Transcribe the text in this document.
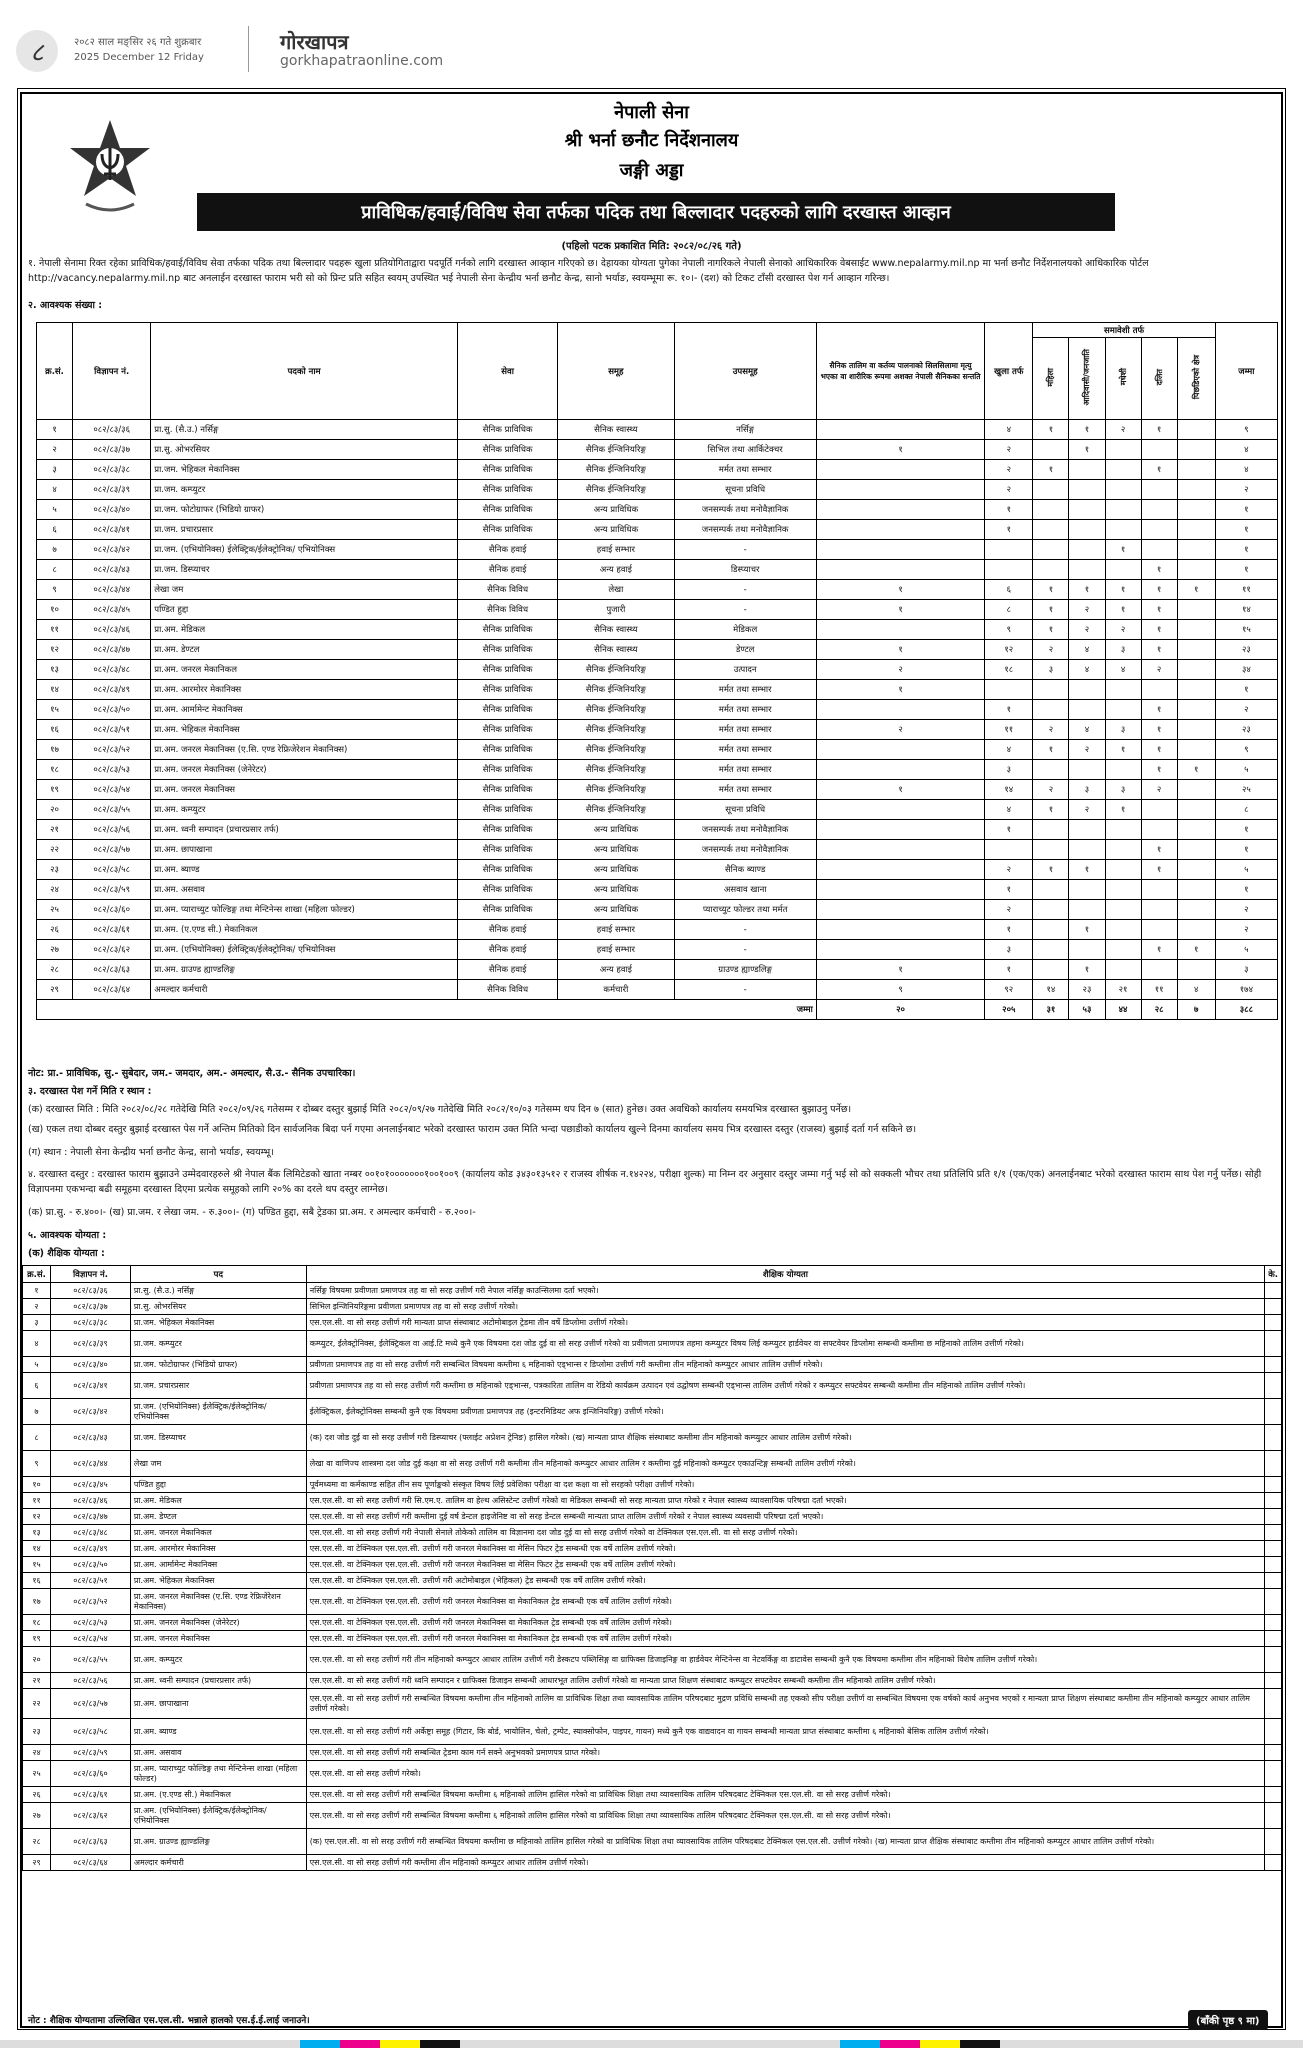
८	२०८२ साल मङ्सिर २६ गते शुक्रबार
2025 December 12 Friday
गोरखापत्र
gorkhapatraonline.com
नेपाली सेना
श्री भर्ना छनौट निर्देशनालय
जङ्गी अड्डा
प्राविधिक/हवाई/विविध सेवा तर्फका पदिक तथा बिल्लादार पदहरुको लागि दरखास्त आव्हान
(पहिलो पटक प्रकाशित मिति: २०८२/०८/२६ गते)
१. नेपाली सेनामा रिक्त रहेका प्राविधिक/हवाई/विविध सेवा तर्फका पदिक तथा बिल्लादार पदहरू खुला प्रतियोगिताद्वारा पदपूर्ति गर्नको लागि दरखास्त आव्हान गरिएको छ। देहायका योग्यता पुगेका नेपाली नागरिकले नेपाली सेनाको आधिकारिक वेबसाईट www.nepalarmy.mil.np मा भर्ना छनौट निर्देशनालयको आधिकारिक पोर्टल http://vacancy.nepalarmy.mil.np बाट अनलाईन दरखास्त फाराम भरी सो को प्रिन्ट प्रति सहित स्वयम् उपस्थित भई नेपाली सेना केन्द्रीय भर्ना छनौट केन्द्र, सानो भर्याङ, स्वयम्भूमा रू. १०।- (दश) को टिकट टाँसी दरखास्त पेश गर्न आव्हान गरिन्छ।
२. आवश्यक संख्या :
क्र.सं.	विज्ञापन नं.	पदको नाम	सेवा	समूह	उपसमूह	सैनिक तालिम वा कर्तव्य पालनाको सिलसिलामा मृत्यु भएका वा शारीरिक रूपमा अशक्त नेपाली सैनिकका सन्तति	खुला तर्फ	समावेशी तर्फ					जम्मा
								महिला	आदिवासी/जनजाति	मधेशी	दलित	पिछडिएको क्षेत्र	
१	०८२/८३/३६	प्रा.सु. (सै.उ.) नर्सिङ्ग	सैनिक प्राविधिक	सैनिक स्वास्थ्य	नर्सिङ्ग		४	१	१	२	१		९
२	०८२/८३/३७	प्रा.सु. ओभरसियर	सैनिक प्राविधिक	सैनिक ईन्जिनियरिङ्ग	सिभिल तथा आर्किटेक्चर	१	२		१				४
३	०८२/८३/३८	प्रा.जम. भेहिकल मेकानिक्स	सैनिक प्राविधिक	सैनिक ईन्जिनियरिङ्ग	मर्मत तथा सम्भार		२	१			१		४
४	०८२/८३/३९	प्रा.जम. कम्प्युटर	सैनिक प्राविधिक	सैनिक ईन्जिनियरिङ्ग	सूचना प्रविधि		२						२
५	०८२/८३/४०	प्रा.जम. फोटोग्राफर (भिडियो ग्राफर)	सैनिक प्राविधिक	अन्य प्राविधिक	जनसम्पर्क तथा मनोवैज्ञानिक		१						१
६	०८२/८३/४१	प्रा.जम. प्रचारप्रसार	सैनिक प्राविधिक	अन्य प्राविधिक	जनसम्पर्क तथा मनोवैज्ञानिक		१						१
७	०८२/८३/४२	प्रा.जम. (एभियोनिक्स) ईलेक्ट्रिक/ईलेक्ट्रोनिक/ एभियोनिक्स	सैनिक हवाई	हवाई सम्भार	-					१			१
८	०८२/८३/४३	प्रा.जम. डिस्प्याचर	सैनिक हवाई	अन्य हवाई	डिस्प्याचर						१		१
९	०८२/८३/४४	लेखा जम	सैनिक विविध	लेखा	-	१	६	१	१	१	१	१	११
१०	०८२/८३/४५	पण्डित हुद्दा	सैनिक विविध	पुजारी	-	१	८	१	२	१	१		१४
११	०८२/८३/४६	प्रा.अम. मेडिकल	सैनिक प्राविधिक	सैनिक स्वास्थ्य	मेडिकल		९	१	२	२	१		१५
१२	०८२/८३/४७	प्रा.अम. डेण्टल	सैनिक प्राविधिक	सैनिक स्वास्थ्य	डेण्टल	१	१२	२	४	३	१		२३
१३	०८२/८३/४८	प्रा.अम. जनरल मेकानिकल	सैनिक प्राविधिक	सैनिक ईन्जिनियरिङ्ग	उत्पादन	२	१८	३	४	४	२		३४
१४	०८२/८३/४९	प्रा.अम. आरमोरर मेकानिक्स	सैनिक प्राविधिक	सैनिक ईन्जिनियरिङ्ग	मर्मत तथा सम्भार	१							१
१५	०८२/८३/५०	प्रा.अम. आर्मामेन्ट मेकानिक्स	सैनिक प्राविधिक	सैनिक ईन्जिनियरिङ्ग	मर्मत तथा सम्भार		१				१		२
१६	०८२/८३/५१	प्रा.अम. भेहिकल मेकानिक्स	सैनिक प्राविधिक	सैनिक ईन्जिनियरिङ्ग	मर्मत तथा सम्भार	२	११	२	४	३	१		२३
१७	०८२/८३/५२	प्रा.अम. जनरल मेकानिक्स (ए.सि. एण्ड रेफ्रिजेरेशन मेकानिक्स)	सैनिक प्राविधिक	सैनिक ईन्जिनियरिङ्ग	मर्मत तथा सम्भार		४	१	२	१	१		९
१८	०८२/८३/५३	प्रा.अम. जनरल मेकानिक्स (जेनेरेटर)	सैनिक प्राविधिक	सैनिक ईन्जिनियरिङ्ग	मर्मत तथा सम्भार		३				१	१	५
१९	०८२/८३/५४	प्रा.अम. जनरल मेकानिक्स	सैनिक प्राविधिक	सैनिक ईन्जिनियरिङ्ग	मर्मत तथा सम्भार	१	१४	२	३	३	२		२५
२०	०८२/८३/५५	प्रा.अम. कम्प्युटर	सैनिक प्राविधिक	सैनिक ईन्जिनियरिङ्ग	सूचना प्रविधि		४	१	२	१			८
२१	०८२/८३/५६	प्रा.अम. ध्वनी सम्पादन (प्रचारप्रसार तर्फ)	सैनिक प्राविधिक	अन्य प्राविधिक	जनसम्पर्क तथा मनोवैज्ञानिक		१						१
२२	०८२/८३/५७	प्रा.अम. छापाखाना	सैनिक प्राविधिक	अन्य प्राविधिक	जनसम्पर्क तथा मनोवैज्ञानिक						१		१
२३	०८२/८३/५८	प्रा.अम. ब्याण्ड	सैनिक प्राविधिक	अन्य प्राविधिक	सैनिक ब्याण्ड		२	१	१		१		५
२४	०८२/८३/५९	प्रा.अम. असवाव	सैनिक प्राविधिक	अन्य प्राविधिक	असवाव खाना		१						१
२५	०८२/८३/६०	प्रा.अम. प्याराच्युट फोल्डिङ्ग तथा मेन्टिनेन्स शाखा (महिला फोल्डर)	सैनिक प्राविधिक	अन्य प्राविधिक	प्याराच्युट फोल्डर तथा मर्मत		२						२
२६	०८२/८३/६१	प्रा.अम. (ए.एण्ड सी.) मेकानिकल	सैनिक हवाई	हवाई सम्भार	-		१		१				२
२७	०८२/८३/६२	प्रा.अम. (एभियोनिक्स) ईलेक्ट्रिक/ईलेक्ट्रोनिक/ एभियोनिक्स	सैनिक हवाई	हवाई सम्भार	-		३				१	१	५
२८	०८२/८३/६३	प्रा.अम. ग्राउण्ड ह्याण्डलिङ्ग	सैनिक हवाई	अन्य हवाई	ग्राउण्ड ह्याण्डलिङ्ग	१	१		१				३
२९	०८२/८३/६४	अमल्दार कर्मचारी	सैनिक विविध	कर्मचारी	-	९	९२	१४	२३	२१	११	४	१७४
जम्मा						२०	२०५	३१	५३	४४	२८	७	३८८
नोट: प्रा.- प्राविधिक, सु.- सुबेदार, जम.- जमदार, अम.- अमल्दार, सै.उ.- सैनिक उपचारिका।
३. दरखास्त पेश गर्ने मिति र स्थान :
(क) दरखास्त मिति : मिति २०८२/०८/२८ गतेदेखि मिति २०८२/०९/२६ गतेसम्म र दोब्बर दस्तुर बुझाई मिति २०८२/०९/२७ गतेदेखि मिति २०८२/१०/०३ गतेसम्म थप दिन ७ (सात) हुनेछ। उक्त अवधिको कार्यालय समयभित्र दरखास्त बुझाउनु पर्नेछ।
(ख) एकल तथा दोब्बर दस्तुर बुझाई दरखास्त पेस गर्ने अन्तिम मितिको दिन सार्वजनिक बिदा पर्न गएमा अनलाईनबाट भरेको दरखास्त फाराम उक्त मिति भन्दा पछाडीको कार्यालय खुल्ने दिनमा कार्यालय समय भित्र दरखास्त दस्तुर (राजस्व) बुझाई दर्ता गर्न सकिने छ।
(ग) स्थान : नेपाली सेना केन्द्रीय भर्ना छनौट केन्द्र, सानो भर्याङ, स्वयम्भू।
४. दरखास्त दस्तुर : दरखास्त फाराम बुझाउने उम्मेदवारहरुले श्री नेपाल बैंक लिमिटेडको खाता नम्बर ००१०१०००००००१००१००९ (कार्यालय कोड ३४३०१३५१२ र राजस्व शीर्षक न.१४२२४, परीक्षा शुल्क) मा निम्न दर अनुसार दस्तुर जम्मा गर्नु भई सो को सक्कली भौचर तथा प्रतिलिपि प्रति १/१ (एक/एक) अनलाईनबाट भरेको दरखास्त फाराम साथ पेश गर्नु पर्नेछ। सोही विज्ञापनमा एकभन्दा बढी समूहमा दरखास्त दिएमा प्रत्येक समूहको लागि २०% का दरले थप दस्तुर लाग्नेछ।
(क) प्रा.सु. - रु.४००।- (ख) प्रा.जम. र लेखा जम. - रु.३००।- (ग) पण्डित हुद्दा, सबै ट्रेडका प्रा.अम. र अमल्दार कर्मचारी - रु.२००।-
५. आवश्यक योग्यता :
(क) शैक्षिक योग्यता :
क्र.सं.	विज्ञापन नं.	पद	शैक्षिक योग्यता	के.
१	०८२/८३/३६	प्रा.सु. (सै.उ.) नर्सिङ्ग	नर्सिङ्ग विषयमा प्रवीणता प्रमाणपत्र तह वा सो सरह उत्तीर्ण गरी नेपाल नर्सिङ्ग काउन्सिलमा दर्ता भएको।	
२	०८२/८३/३७	प्रा.सु. ओभरसियर	सिभिल इन्जिनियरिङ्गमा प्रवीणता प्रमाणपत्र तह वा सो सरह उत्तीर्ण गरेको।	
३	०८२/८३/३८	प्रा.जम. भेहिकल मेकानिक्स	एस.एल.सी. वा सो सरह उत्तीर्ण गरी मान्यता प्राप्त संस्थाबाट अटोमोबाइल ट्रेडमा तीन वर्षे डिप्लोमा उत्तीर्ण गरेको।	
४	०८२/८३/३९	प्रा.जम. कम्प्युटर	कम्प्युटर, ईलेक्ट्रोनिक्स, ईलेक्ट्रिकल वा आई.टि मध्ये कुनै एक विषयमा दश जोड दुई वा सो सरह उत्तीर्ण गरेको वा प्रवीणता प्रमाणपत्र तहमा कम्प्युटर विषय लिई कम्प्युटर हार्डवेयर वा सफ्टवेयर डिप्लोमा सम्बन्धी कम्तीमा छ महिनाको तालिम उत्तीर्ण गरेको।	
५	०८२/८३/४०	प्रा.जम. फोटोग्राफर (भिडियो ग्राफर)	प्रवीणता प्रमाणपत्र तह वा सो सरह उत्तीर्ण गरी सम्बन्धित विषयमा कम्तीमा ६ महिनाको एड्भान्स र डिप्लोमा उत्तीर्ण गरी कम्तीमा तीन महिनाको कम्प्युटर आधार तालिम उत्तीर्ण गरेको।	
६	०८२/८३/४१	प्रा.जम. प्रचारप्रसार	प्रवीणता प्रमाणपत्र तह वा सो सरह उत्तीर्ण गरी कम्तीमा छ महिनाको एड्भान्स, पत्रकारिता तालिम वा रेडियो कार्यक्रम उत्पादन एवं उद्घोषण सम्बन्धी एड्भान्स तालिम उत्तीर्ण गरेको र कम्प्युटर सफ्टवेयर सम्बन्धी कम्तीमा तीन महिनाको तालिम उत्तीर्ण गरेको।	
७	०८२/८३/४२	प्रा.जम. (एभियोनिक्स) ईलेक्ट्रिक/ईलेक्ट्रोनिक/ एभियोनिक्स	ईलेक्ट्रिकल, ईलेक्ट्रोनिक्स सम्बन्धी कुनै एक विषयमा प्रवीणता प्रमाणपत्र तह (इन्टरमिडियट अफ इन्जिनियरिङ्ग) उत्तीर्ण गरेको।	
८	०८२/८३/४३	प्रा.जम. डिस्प्याचर	(क) दश जोड दुई वा सो सरह उत्तीर्ण गरी डिस्प्याचर (फ्लाईट अप्रेशन ट्रेनिङ) हासिल गरेको। (ख) मान्यता प्राप्त शैक्षिक संस्थाबाट कम्तीमा तीन महिनाको कम्प्युटर आधार तालिम उत्तीर्ण गरेको।	
९	०८२/८३/४४	लेखा जम	लेखा वा वाणिज्य शास्त्रमा दश जोड दुई कक्षा वा सो सरह उत्तीर्ण गरी कम्तीमा तीन महिनाको कम्प्युटर आधार तालिम र कम्तीमा दुई महिनाको कम्प्युटर एकाउन्टिङ्ग सम्बन्धी तालिम उत्तीर्ण गरेको।	
१०	०८२/८३/४५	पण्डित हुद्दा	पूर्वमध्यमा वा कर्मकाण्ड सहित तीन सय पूर्णाङ्कको संस्कृत विषय लिई प्रवेशिका परीक्षा वा दश कक्षा वा सो सरहको परीक्षा उत्तीर्ण गरेको।	
११	०८२/८३/४६	प्रा.अम. मेडिकल	एस.एल.सी. वा सो सरह उत्तीर्ण गरी सि.एम.ए. तालिम वा हेल्थ असिस्टेन्ट उत्तीर्ण गरेको वा मेडिकल सम्बन्धी सो सरह मान्यता प्राप्त गरेको र नेपाल स्वास्थ्य व्यावसायिक परिषद्मा दर्ता भएको।	
१२	०८२/८३/४७	प्रा.अम. डेण्टल	एस.एल.सी. वा सो सरह उत्तीर्ण गरी कम्तीमा दुई वर्ष डेन्टल हाइजेनिष्ट वा सो सरह डेन्टल सम्बन्धी मान्यता प्राप्त तालिम उत्तीर्ण गरेको र नेपाल स्वास्थ्य व्यवसायी परिषद्मा दर्ता भएको।	
१३	०८२/८३/४८	प्रा.अम. जनरल मेकानिकल	एस.एल.सी. वा सो सरह उत्तीर्ण गरी नेपाली सेनाले तोकेको तालिम वा विज्ञानमा दश जोड दुई वा सो सरह उत्तीर्ण गरेको वा टेक्निकल एस.एल.सी. वा सो सरह उत्तीर्ण गरेको।	
१४	०८२/८३/४९	प्रा.अम. आरमोरर मेकानिक्स	एस.एल.सी. वा टेक्निकल एस.एल.सी. उत्तीर्ण गरी जनरल मेकानिक्स वा मेसिन फिटर ट्रेड सम्बन्धी एक वर्षे तालिम उत्तीर्ण गरेको।	
१५	०८२/८३/५०	प्रा.अम. आर्मामेन्ट मेकानिक्स	एस.एल.सी. वा टेक्निकल एस.एल.सी. उत्तीर्ण गरी जनरल मेकानिक्स वा मेसिन फिटर ट्रेड सम्बन्धी एक वर्षे तालिम उत्तीर्ण गरेको।	
१६	०८२/८३/५१	प्रा.अम. भेहिकल मेकानिक्स	एस.एल.सी. वा टेक्निकल एस.एल.सी. उत्तीर्ण गरी अटोमोबाइल (भेहिकल) ट्रेड सम्बन्धी एक वर्षे तालिम उत्तीर्ण गरेको।	
१७	०८२/८३/५२	प्रा.अम. जनरल मेकानिक्स (ए.सि. एण्ड रेफ्रिजेरेशन मेकानिक्स)	एस.एल.सी. वा टेक्निकल एस.एल.सी. उत्तीर्ण गरी जनरल मेकानिक्स वा मेकानिकल ट्रेड सम्बन्धी एक वर्षे तालिम उत्तीर्ण गरेको।	
१८	०८२/८३/५३	प्रा.अम. जनरल मेकानिक्स (जेनेरेटर)	एस.एल.सी. वा टेक्निकल एस.एल.सी. उत्तीर्ण गरी जनरल मेकानिक्स वा मेकानिकल ट्रेड सम्बन्धी एक वर्षे तालिम उत्तीर्ण गरेको।	
१९	०८२/८३/५४	प्रा.अम. जनरल मेकानिक्स	एस.एल.सी. वा टेक्निकल एस.एल.सी. उत्तीर्ण गरी जनरल मेकानिक्स वा मेकानिकल ट्रेड सम्बन्धी एक वर्षे तालिम उत्तीर्ण गरेको।	
२०	०८२/८३/५५	प्रा.अम. कम्प्युटर	एस.एल.सी. वा सो सरह उत्तीर्ण गरी तीन महिनाको कम्प्युटर आधार तालिम उत्तीर्ण गरी डेस्कटप पब्लिसिङ्ग वा ग्राफिक्स डिजाइनिङ्ग वा हार्डवेयर मेन्टिनेन्स वा नेटवर्किङ्ग वा डाटावेस सम्बन्धी कुनै एक विषयमा कम्तीमा तीन महिनाको विशेष तालिम उत्तीर्ण गरेको।	
२१	०८२/८३/५६	प्रा.अम. ध्वनी सम्पादन (प्रचारप्रसार तर्फ)	एस.एल.सी. वा सो सरह उत्तीर्ण गरी ध्वनि सम्पादन र ग्राफिक्स डिजाइन सम्बन्धी आधारभूत तालिम उत्तीर्ण गरेको वा मान्यता प्राप्त शिक्षण संस्थाबाट कम्प्युटर सफ्टवेयर सम्बन्धी कम्तीमा तीन महिनाको तालिम उत्तीर्ण गरेको।	
२२	०८२/८३/५७	प्रा.अम. छापाखाना	एस.एल.सी. वा सो सरह उत्तीर्ण गरी सम्बन्धित विषयमा कम्तीमा तीन महिनाको तालिम वा प्राविधिक शिक्षा तथा व्यावसायिक तालिम परिषदबाट मुद्रण प्रविधि सम्बन्धी तह एकको सीप परीक्षा उत्तीर्ण वा सम्बन्धित विषयमा एक वर्षको कार्य अनुभव भएको र मान्यता प्राप्त शिक्षण संस्थाबाट कम्तीमा तीन महिनाको कम्प्युटर आधार तालिम उत्तीर्ण गरेको।	
२३	०८२/८३/५८	प्रा.अम. ब्याण्ड	एस.एल.सी. वा सो सरह उत्तीर्ण गरी अर्केष्ट्रा समूह (गिटार, कि बोर्ड, भायोलिन, चेलो, ट्रम्पेट, स्याक्सोफोन, पाइपर, गायन) मध्ये कुनै एक वाद्यवादन वा गायन सम्बन्धी मान्यता प्राप्त संस्थाबाट कम्तीमा ६ महिनाको बेसिक तालिम उत्तीर्ण गरेको।	
२४	०८२/८३/५९	प्रा.अम. असवाव	एस.एल.सी. वा सो सरह उत्तीर्ण गरी सम्बन्धित ट्रेडमा काम गर्न सक्ने अनुभवको प्रमाणपत्र प्राप्त गरेको।	
२५	०८२/८३/६०	प्रा.अम. प्याराच्युट फोल्डिङ्ग तथा मेन्टिनेन्स शाखा (महिला फोल्डर)	एस.एल.सी. वा सो सरह उत्तीर्ण गरेको।	
२६	०८२/८३/६१	प्रा.अम. (ए.एण्ड सी.) मेकानिकल	एस.एल.सी. वा सो सरह उत्तीर्ण गरी सम्बन्धित विषयमा कम्तीमा ६ महिनाको तालिम हासिल गरेको वा प्राविधिक शिक्षा तथा व्यावसायिक तालिम परिषदबाट टेक्निकल एस.एल.सी. वा सो सरह उत्तीर्ण गरेको।	
२७	०८२/८३/६२	प्रा.अम. (एभियोनिक्स) ईलेक्ट्रिक/ईलेक्ट्रोनिक/ एभियोनिक्स	एस.एल.सी. वा सो सरह उत्तीर्ण गरी सम्बन्धित विषयमा कम्तीमा ६ महिनाको तालिम हासिल गरेको वा प्राविधिक शिक्षा तथा व्यावसायिक तालिम परिषदबाट टेक्निकल एस.एल.सी. वा सो सरह उत्तीर्ण गरेको।	
२८	०८२/८३/६३	प्रा.अम. ग्राउण्ड ह्याण्डलिङ्ग	(क) एस.एल.सी. वा सो सरह उत्तीर्ण गरी सम्बन्धित विषयमा कम्तीमा छ महिनाको तालिम हासिल गरेको वा प्राविधिक शिक्षा तथा व्यावसायिक तालिम परिषदबाट टेक्निकल एस.एल.सी. उत्तीर्ण गरेको। (ख) मान्यता प्राप्त शैक्षिक संस्थाबाट कम्तीमा तीन महिनाको कम्प्युटर आधार तालिम उत्तीर्ण गरेको।	
२९	०८२/८३/६४	अमल्दार कर्मचारी	एस.एल.सी. वा सो सरह उत्तीर्ण गरी कम्तीमा तीन महिनाको कम्प्युटर आधार तालिम उत्तीर्ण गरेको।	
नोट : शैक्षिक योग्यतामा उल्लिखित एस.एल.सी. भन्नाले हालको एस.ई.ई.लाई जनाउने।	(बाँकी पृष्ठ ९ मा)
